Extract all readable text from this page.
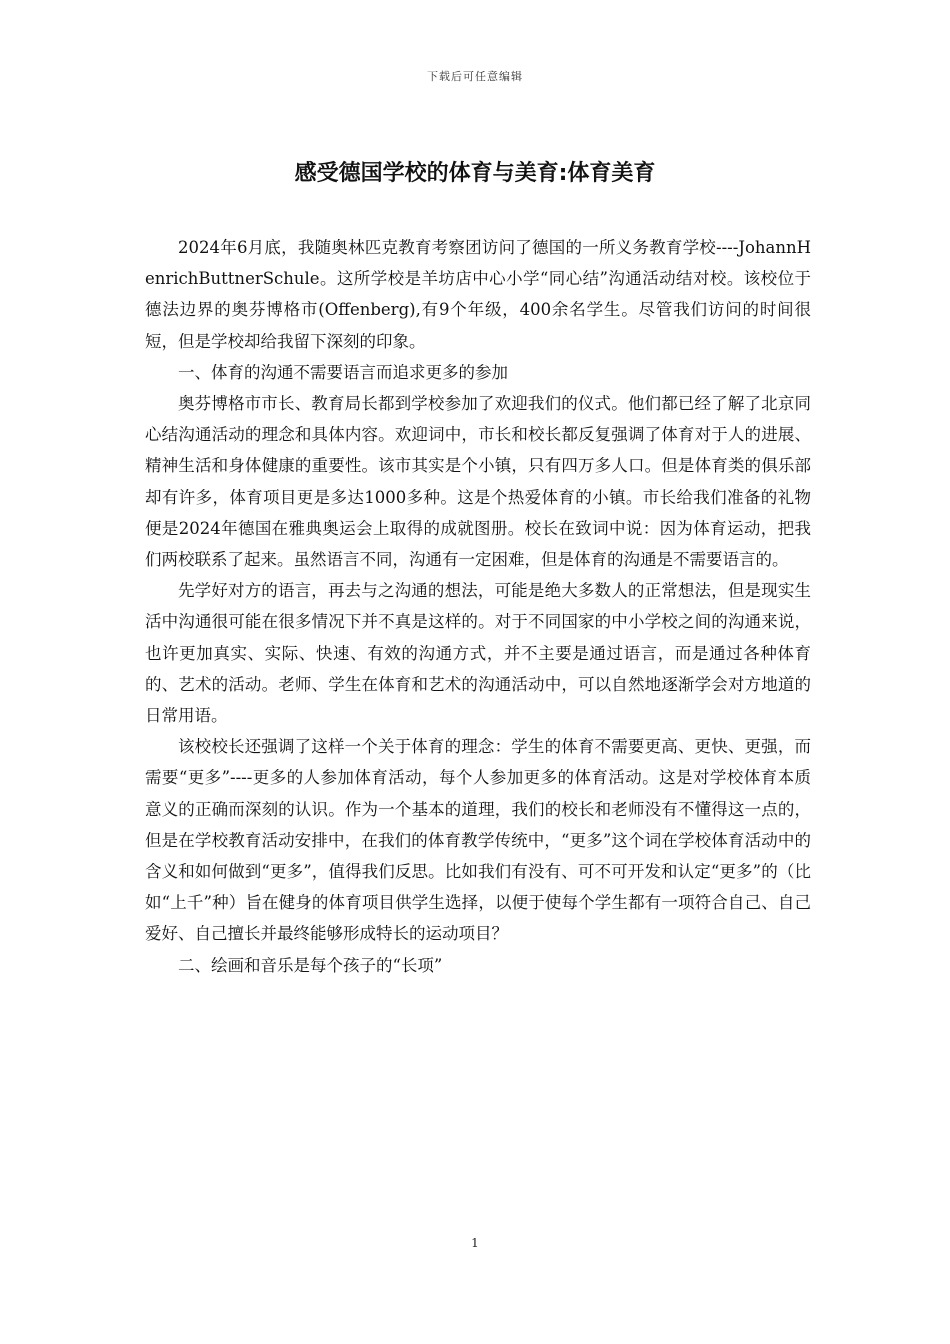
下载后可任意编辑
感受德国学校的体育与美育:体育美育

2024年6月底，我随奥林匹克教育考察团访问了德国的一所义务教育学校----JohannHenrichButtnerSchule。这所学校是羊坊店中心小学“同心结”沟通活动结对校。该校位于德法边界的奥芬博格市(Offenberg),有9个年级，400余名学生。尽管我们访问的时间很短，但是学校却给我留下深刻的印象。

一、体育的沟通不需要语言而追求更多的参加

奥芬博格市市长、教育局长都到学校参加了欢迎我们的仪式。他们都已经了解了北京同心结沟通活动的理念和具体内容。欢迎词中，市长和校长都反复强调了体育对于人的进展、精神生活和身体健康的重要性。该市其实是个小镇，只有四万多人口。但是体育类的俱乐部却有许多，体育项目更是多达1000多种。这是个热爱体育的小镇。市长给我们准备的礼物便是2024年德国在雅典奥运会上取得的成就图册。校长在致词中说：因为体育运动，把我们两校联系了起来。虽然语言不同，沟通有一定困难，但是体育的沟通是不需要语言的。

先学好对方的语言，再去与之沟通的想法，可能是绝大多数人的正常想法，但是现实生活中沟通很可能在很多情况下并不真是这样的。对于不同国家的中小学校之间的沟通来说，也许更加真实、实际、快速、有效的沟通方式，并不主要是通过语言，而是通过各种体育的、艺术的活动。老师、学生在体育和艺术的沟通活动中，可以自然地逐渐学会对方地道的日常用语。

该校校长还强调了这样一个关于体育的理念：学生的体育不需要更高、更快、更强，而需要“更多”----更多的人参加体育活动，每个人参加更多的体育活动。这是对学校体育本质意义的正确而深刻的认识。作为一个基本的道理，我们的校长和老师没有不懂得这一点的，但是在学校教育活动安排中，在我们的体育教学传统中，“更多”这个词在学校体育活动中的含义和如何做到“更多”，值得我们反思。比如我们有没有、可不可开发和认定“更多”的（比如“上千”种）旨在健身的体育项目供学生选择，以便于使每个学生都有一项符合自己、自己爱好、自己擅长并最终能够形成特长的运动项目？

二、绘画和音乐是每个孩子的“长项”

1
